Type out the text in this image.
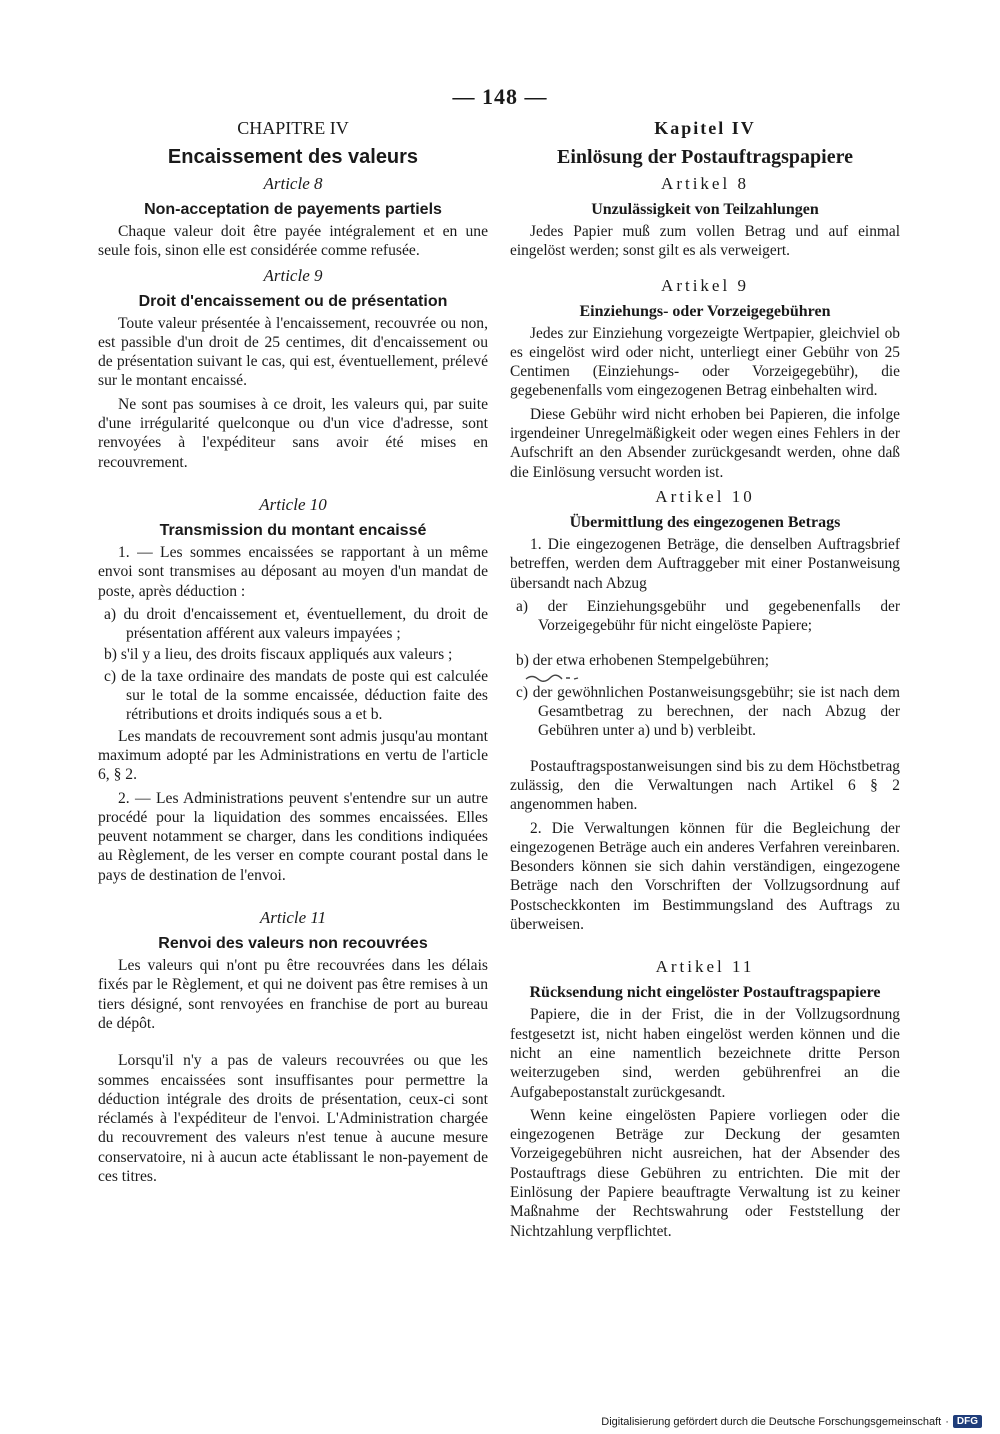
— 148 —

CHAPITRE IV

Encaissement des valeurs

Article 8

Non-acceptation de payements partiels

Chaque valeur doit être payée intégralement et en une seule fois, sinon elle est considérée comme refusée.

Article 9

Droit d'encaissement ou de présentation

Toute valeur présentée à l'encaissement, recouvrée ou non, est passible d'un droit de 25 centimes, dit d'encaissement ou de présentation suivant le cas, qui est, éventuellement, prélevé sur le montant encaissé.

Ne sont pas soumises à ce droit, les valeurs qui, par suite d'une irrégularité quelconque ou d'un vice d'adresse, sont renvoyées à l'expéditeur sans avoir été mises en recouvrement.

Article 10

Transmission du montant encaissé

1. — Les sommes encaissées se rapportant à un même envoi sont transmises au déposant au moyen d'un mandat de poste, après déduction :

a) du droit d'encaissement et, éventuellement, du droit de présentation afférent aux valeurs impayées ;

b) s'il y a lieu, des droits fiscaux appliqués aux valeurs ;

c) de la taxe ordinaire des mandats de poste qui est calculée sur le total de la somme encaissée, déduction faite des rétributions et droits indiqués sous a et b.

Les mandats de recouvrement sont admis jusqu'au montant maximum adopté par les Administrations en vertu de l'article 6, § 2.

2. — Les Administrations peuvent s'entendre sur un autre procédé pour la liquidation des sommes encaissées. Elles peuvent notamment se charger, dans les conditions indiquées au Règlement, de les verser en compte courant postal dans le pays de destination de l'envoi.

Article 11

Renvoi des valeurs non recouvrées

Les valeurs qui n'ont pu être recouvrées dans les délais fixés par le Règlement, et qui ne doivent pas être remises à un tiers désigné, sont renvoyées en franchise de port au bureau de dépôt.

Lorsqu'il n'y a pas de valeurs recouvrées ou que les sommes encaissées sont insuffisantes pour permettre la déduction intégrale des droits de présentation, ceux-ci sont réclamés à l'expéditeur de l'envoi. L'Administration chargée du recouvrement des valeurs n'est tenue à aucune mesure conservatoire, ni à aucun acte établissant le non-payement de ces titres.

Kapitel IV

Einlösung der Postauftragspapiere

Artikel 8

Unzulässigkeit von Teilzahlungen

Jedes Papier muß zum vollen Betrag und auf einmal eingelöst werden; sonst gilt es als verweigert.

Artikel 9

Einziehungs- oder Vorzeigegebühren

Jedes zur Einziehung vorgezeigte Wertpapier, gleichviel ob es eingelöst wird oder nicht, unterliegt einer Gebühr von 25 Centimen (Einziehungs- oder Vorzeigegebühr), die gegebenenfalls vom eingezogenen Betrag einbehalten wird.

Diese Gebühr wird nicht erhoben bei Papieren, die infolge irgendeiner Unregelmäßigkeit oder wegen eines Fehlers in der Aufschrift an den Absender zurückgesandt werden, ohne daß die Einlösung versucht worden ist.

Artikel 10

Übermittlung des eingezogenen Betrags

1. Die eingezogenen Beträge, die denselben Auftragsbrief betreffen, werden dem Auftraggeber mit einer Postanweisung übersandt nach Abzug

a) der Einziehungsgebühr und gegebenenfalls der Vorzeigegebühr für nicht eingelöste Papiere;

b) der etwa erhobenen Stempelgebühren;

c) der gewöhnlichen Postanweisungsgebühr; sie ist nach dem Gesamtbetrag zu berechnen, der nach Abzug der Gebühren unter a) und b) verbleibt.

Postauftragspostanweisungen sind bis zu dem Höchstbetrag zulässig, den die Verwaltungen nach Artikel 6 § 2 angenommen haben.

2. Die Verwaltungen können für die Begleichung der eingezogenen Beträge auch ein anderes Verfahren vereinbaren. Besonders können sie sich dahin verständigen, eingezogene Beträge nach den Vorschriften der Vollzugsordnung auf Postscheckkonten im Bestimmungsland des Auftrags zu überweisen.

Artikel 11

Rücksendung nicht eingelöster Postauftragspapiere

Papiere, die in der Frist, die in der Vollzugsordnung festgesetzt ist, nicht haben eingelöst werden können und die nicht an eine namentlich bezeichnete dritte Person weiterzugeben sind, werden gebührenfrei an die Aufgabepostanstalt zurückgesandt.

Wenn keine eingelösten Papiere vorliegen oder die eingezogenen Beträge zur Deckung der gesamten Vorzeigegebühren nicht ausreichen, hat der Absender des Postauftrags diese Gebühren zu entrichten. Die mit der Einlösung der Papiere beauftragte Verwaltung ist zu keiner Maßnahme der Rechtswahrung oder Feststellung der Nichtzahlung verpflichtet.

Digitalisierung gefördert durch die Deutsche Forschungsgemeinschaft · DFG
